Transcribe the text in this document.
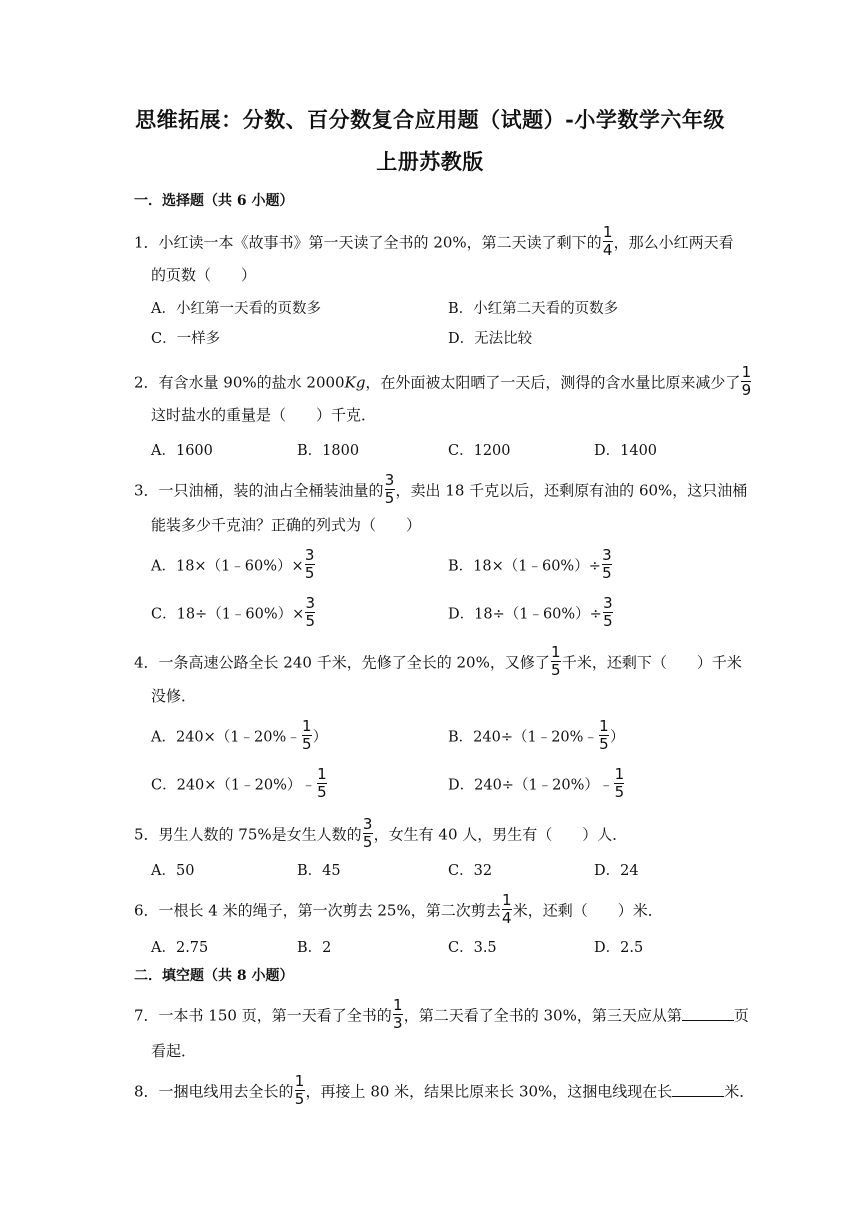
思维拓展：分数、百分数复合应用题（试题）-小学数学六年级
上册苏教版
一．选择题（共 6 小题）
1．小红读一本《故事书》第一天读了全书的 20%，第二天读了剩下的 $\frac{1}{4}$ ，那么小红两天看
的页数（　　）
A．小红第一天看的页数多	B．小红第二天看的页数多
C．一样多	D．无法比较
2．有含水量 90%的盐水 2000Kg，在外面被太阳晒了一天后，测得的含水量比原来减少了 $\frac{1}{9}$
这时盐水的重量是（　　）千克．
A．1600	B．1800	C．1200	D．1400
3．一只油桶，装的油占全桶装油量的 $\frac{3}{5}$ ，卖出 18 千克以后，还剩原有油的 60%，这只油桶
能装多少千克油？正确的列式为（　　）
A．18×（1﹣60%）× $\frac{3}{5}$	B．18×（1﹣60%）÷ $\frac{3}{5}$
C．18÷（1﹣60%）× $\frac{3}{5}$	D．18÷（1﹣60%）÷ $\frac{3}{5}$
4．一条高速公路全长 240 千米，先修了全长的 20%，又修了 $\frac{1}{5}$ 千米，还剩下（　　）千米
没修．
A．240×（1﹣20%﹣ $\frac{1}{5}$ ）	B．240÷（1﹣20%﹣ $\frac{1}{5}$ ）
C．240×（1﹣20%）﹣ $\frac{1}{5}$	D．240÷（1﹣20%）﹣ $\frac{1}{5}$
5．男生人数的 75%是女生人数的 $\frac{3}{5}$ ，女生有 40 人，男生有（　　）人．
A．50	B．45	C．32	D．24
6．一根长 4 米的绳子，第一次剪去 25%，第二次剪去 $\frac{1}{4}$ 米，还剩（　　）米．
A．2.75	B．2	C．3.5	D．2.5
二．填空题（共 8 小题）
7．一本书 150 页，第一天看了全书的 $\frac{1}{3}$ ，第二天看了全书的 30%，第三天应从第	页
看起．
8．一捆电线用去全长的 $\frac{1}{5}$ ，再接上 80 米，结果比原来长 30%，这捆电线现在长	米．
